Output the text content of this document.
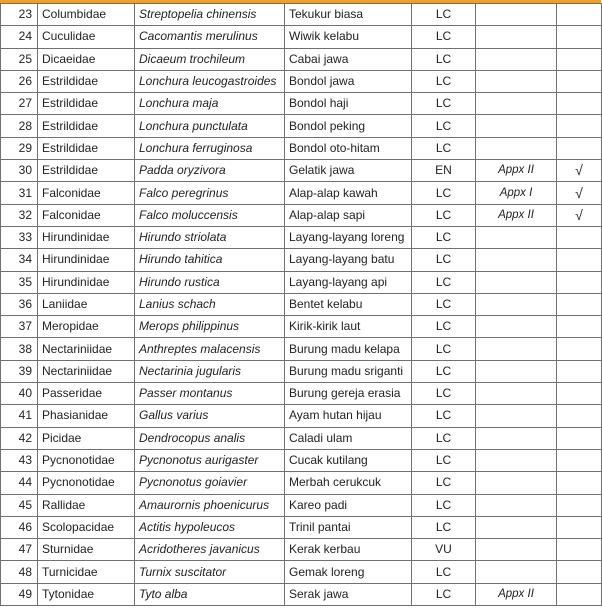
23	Columbidae	Streptopelia chinensis	Tekukur biasa	LC		
24	Cuculidae	Cacomantis merulinus	Wiwik kelabu	LC		
25	Dicaeidae	Dicaeum trochileum	Cabai jawa	LC		
26	Estrildidae	Lonchura leucogastroides	Bondol jawa	LC		
27	Estrildidae	Lonchura maja	Bondol haji	LC		
28	Estrildidae	Lonchura punctulata	Bondol peking	LC		
29	Estrildidae	Lonchura ferruginosa	Bondol oto-hitam	LC		
30	Estrildidae	Padda oryzivora	Gelatik jawa	EN	Appx II	√
31	Falconidae	Falco peregrinus	Alap-alap kawah	LC	Appx I	√
32	Falconidae	Falco moluccensis	Alap-alap sapi	LC	Appx II	√
33	Hirundinidae	Hirundo striolata	Layang-layang loreng	LC		
34	Hirundinidae	Hirundo tahitica	Layang-layang batu	LC		
35	Hirundinidae	Hirundo rustica	Layang-layang api	LC		
36	Laniidae	Lanius schach	Bentet kelabu	LC		
37	Meropidae	Merops philippinus	Kirik-kirik laut	LC		
38	Nectariniidae	Anthreptes malacensis	Burung madu kelapa	LC		
39	Nectariniidae	Nectarinia jugularis	Burung madu sriganti	LC		
40	Passeridae	Passer montanus	Burung gereja erasia	LC		
41	Phasianidae	Gallus varius	Ayam hutan hijau	LC		
42	Picidae	Dendrocopus analis	Caladi ulam	LC		
43	Pycnonotidae	Pycnonotus aurigaster	Cucak kutilang	LC		
44	Pycnonotidae	Pycnonotus goiavier	Merbah cerukcuk	LC		
45	Rallidae	Amaurornis phoenicurus	Kareo padi	LC		
46	Scolopacidae	Actitis hypoleucos	Trinil pantai	LC		
47	Sturnidae	Acridotheres javanicus	Kerak kerbau	VU		
48	Turnicidae	Turnix suscitator	Gemak loreng	LC		
49	Tytonidae	Tyto alba	Serak jawa	LC	Appx II	
